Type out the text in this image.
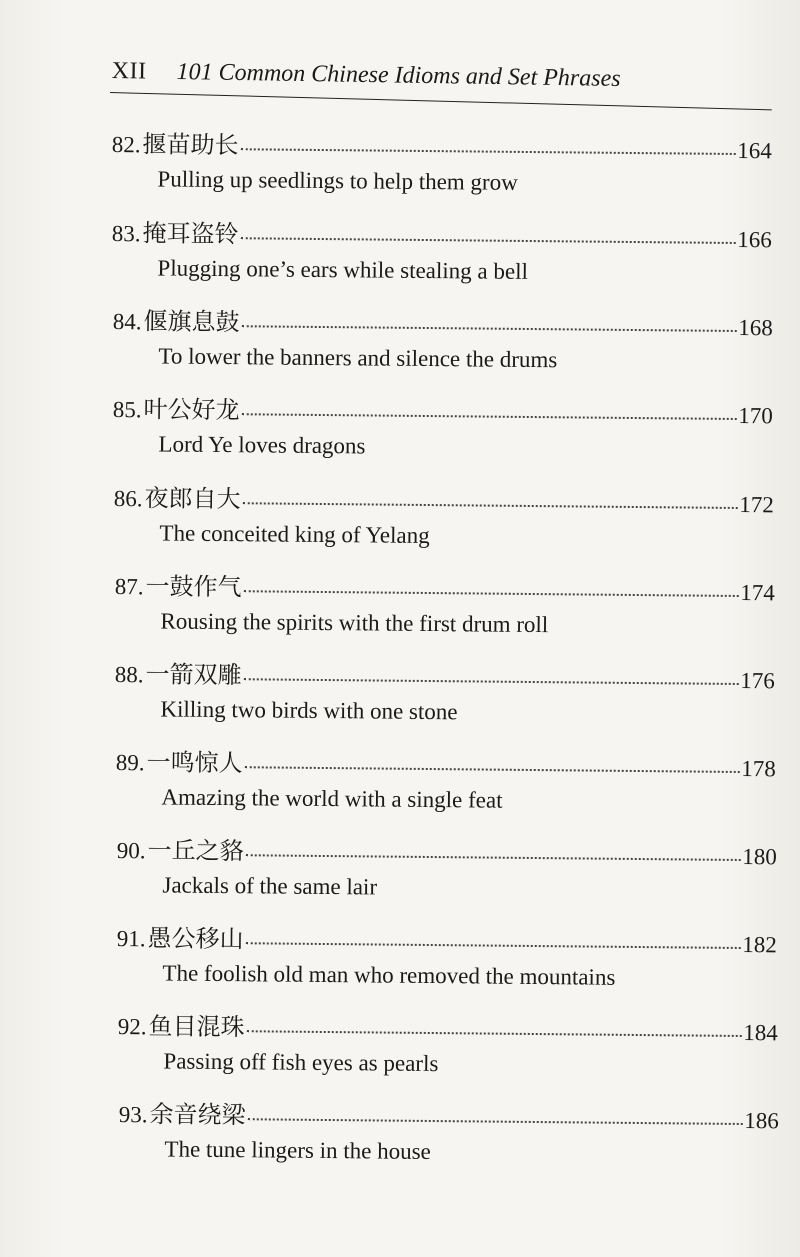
XII 101 Common Chinese Idioms and Set Phrases
82. 揠苗助长	164
Pulling up seedlings to help them grow
83. 掩耳盗铃	166
Plugging one’s ears while stealing a bell
84. 偃旗息鼓	168
To lower the banners and silence the drums
85. 叶公好龙	170
Lord Ye loves dragons
86. 夜郎自大	172
The conceited king of Yelang
87. 一鼓作气	174
Rousing the spirits with the first drum roll
88. 一箭双雕	176
Killing two birds with one stone
89. 一鸣惊人	178
Amazing the world with a single feat
90. 一丘之貉	180
Jackals of the same lair
91. 愚公移山	182
The foolish old man who removed the mountains
92. 鱼目混珠	184
Passing off fish eyes as pearls
93. 余音绕梁	186
The tune lingers in the house
